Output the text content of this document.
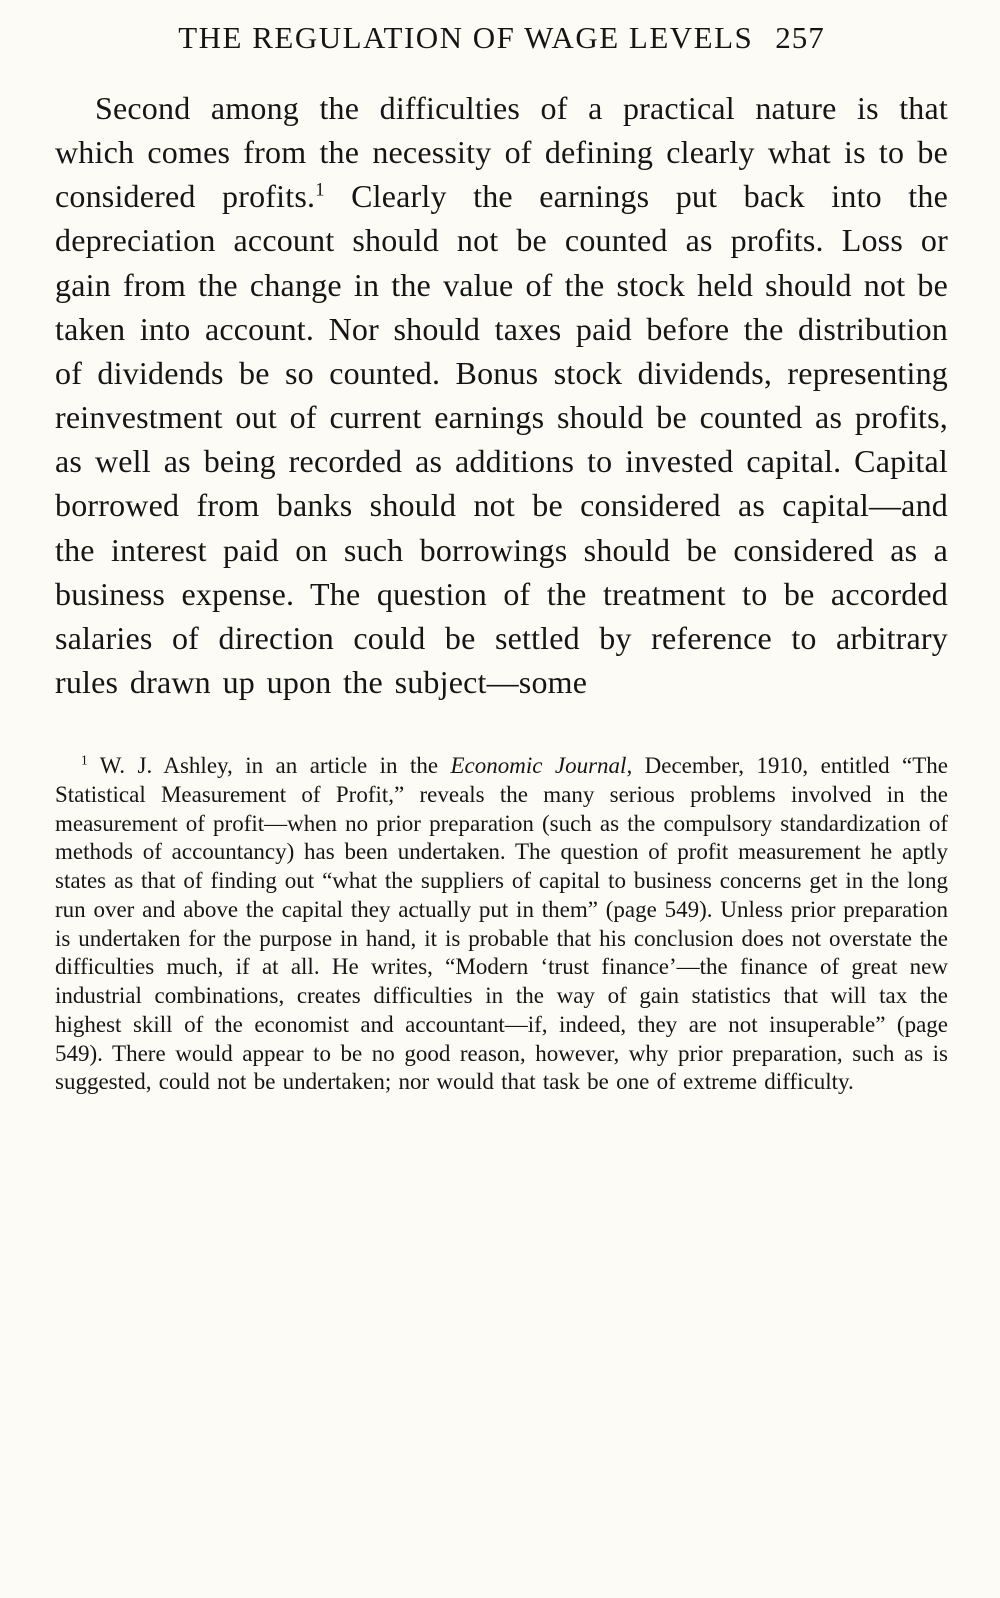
THE REGULATION OF WAGE LEVELS 257

Second among the difficulties of a practical nature is that which comes from the necessity of defining clearly what is to be considered profits.$^1$ Clearly the earnings put back into the depreciation account should not be counted as profits. Loss or gain from the change in the value of the stock held should not be taken into account. Nor should taxes paid before the distribution of dividends be so counted. Bonus stock dividends, representing reinvestment out of current earnings should be counted as profits, as well as being recorded as additions to invested capital. Capital borrowed from banks should not be considered as capital—and the interest paid on such borrowings should be considered as a business expense. The question of the treatment to be accorded salaries of direction could be settled by reference to arbitrary rules drawn up upon the subject—some

$^1$ W. J. Ashley, in an article in the Economic Journal, December, 1910, entitled “The Statistical Measurement of Profit,” reveals the many serious problems involved in the measurement of profit—when no prior preparation (such as the compulsory standardization of methods of accountancy) has been undertaken. The question of profit measurement he aptly states as that of finding out “what the suppliers of capital to business concerns get in the long run over and above the capital they actually put in them” (page 549). Unless prior preparation is undertaken for the purpose in hand, it is probable that his conclusion does not overstate the difficulties much, if at all. He writes, “Modern ‘trust finance’—the finance of great new industrial combinations, creates difficulties in the way of gain statistics that will tax the highest skill of the economist and accountant—if, indeed, they are not insuperable” (page 549). There would appear to be no good reason, however, why prior preparation, such as is suggested, could not be undertaken; nor would that task be one of extreme difficulty.
